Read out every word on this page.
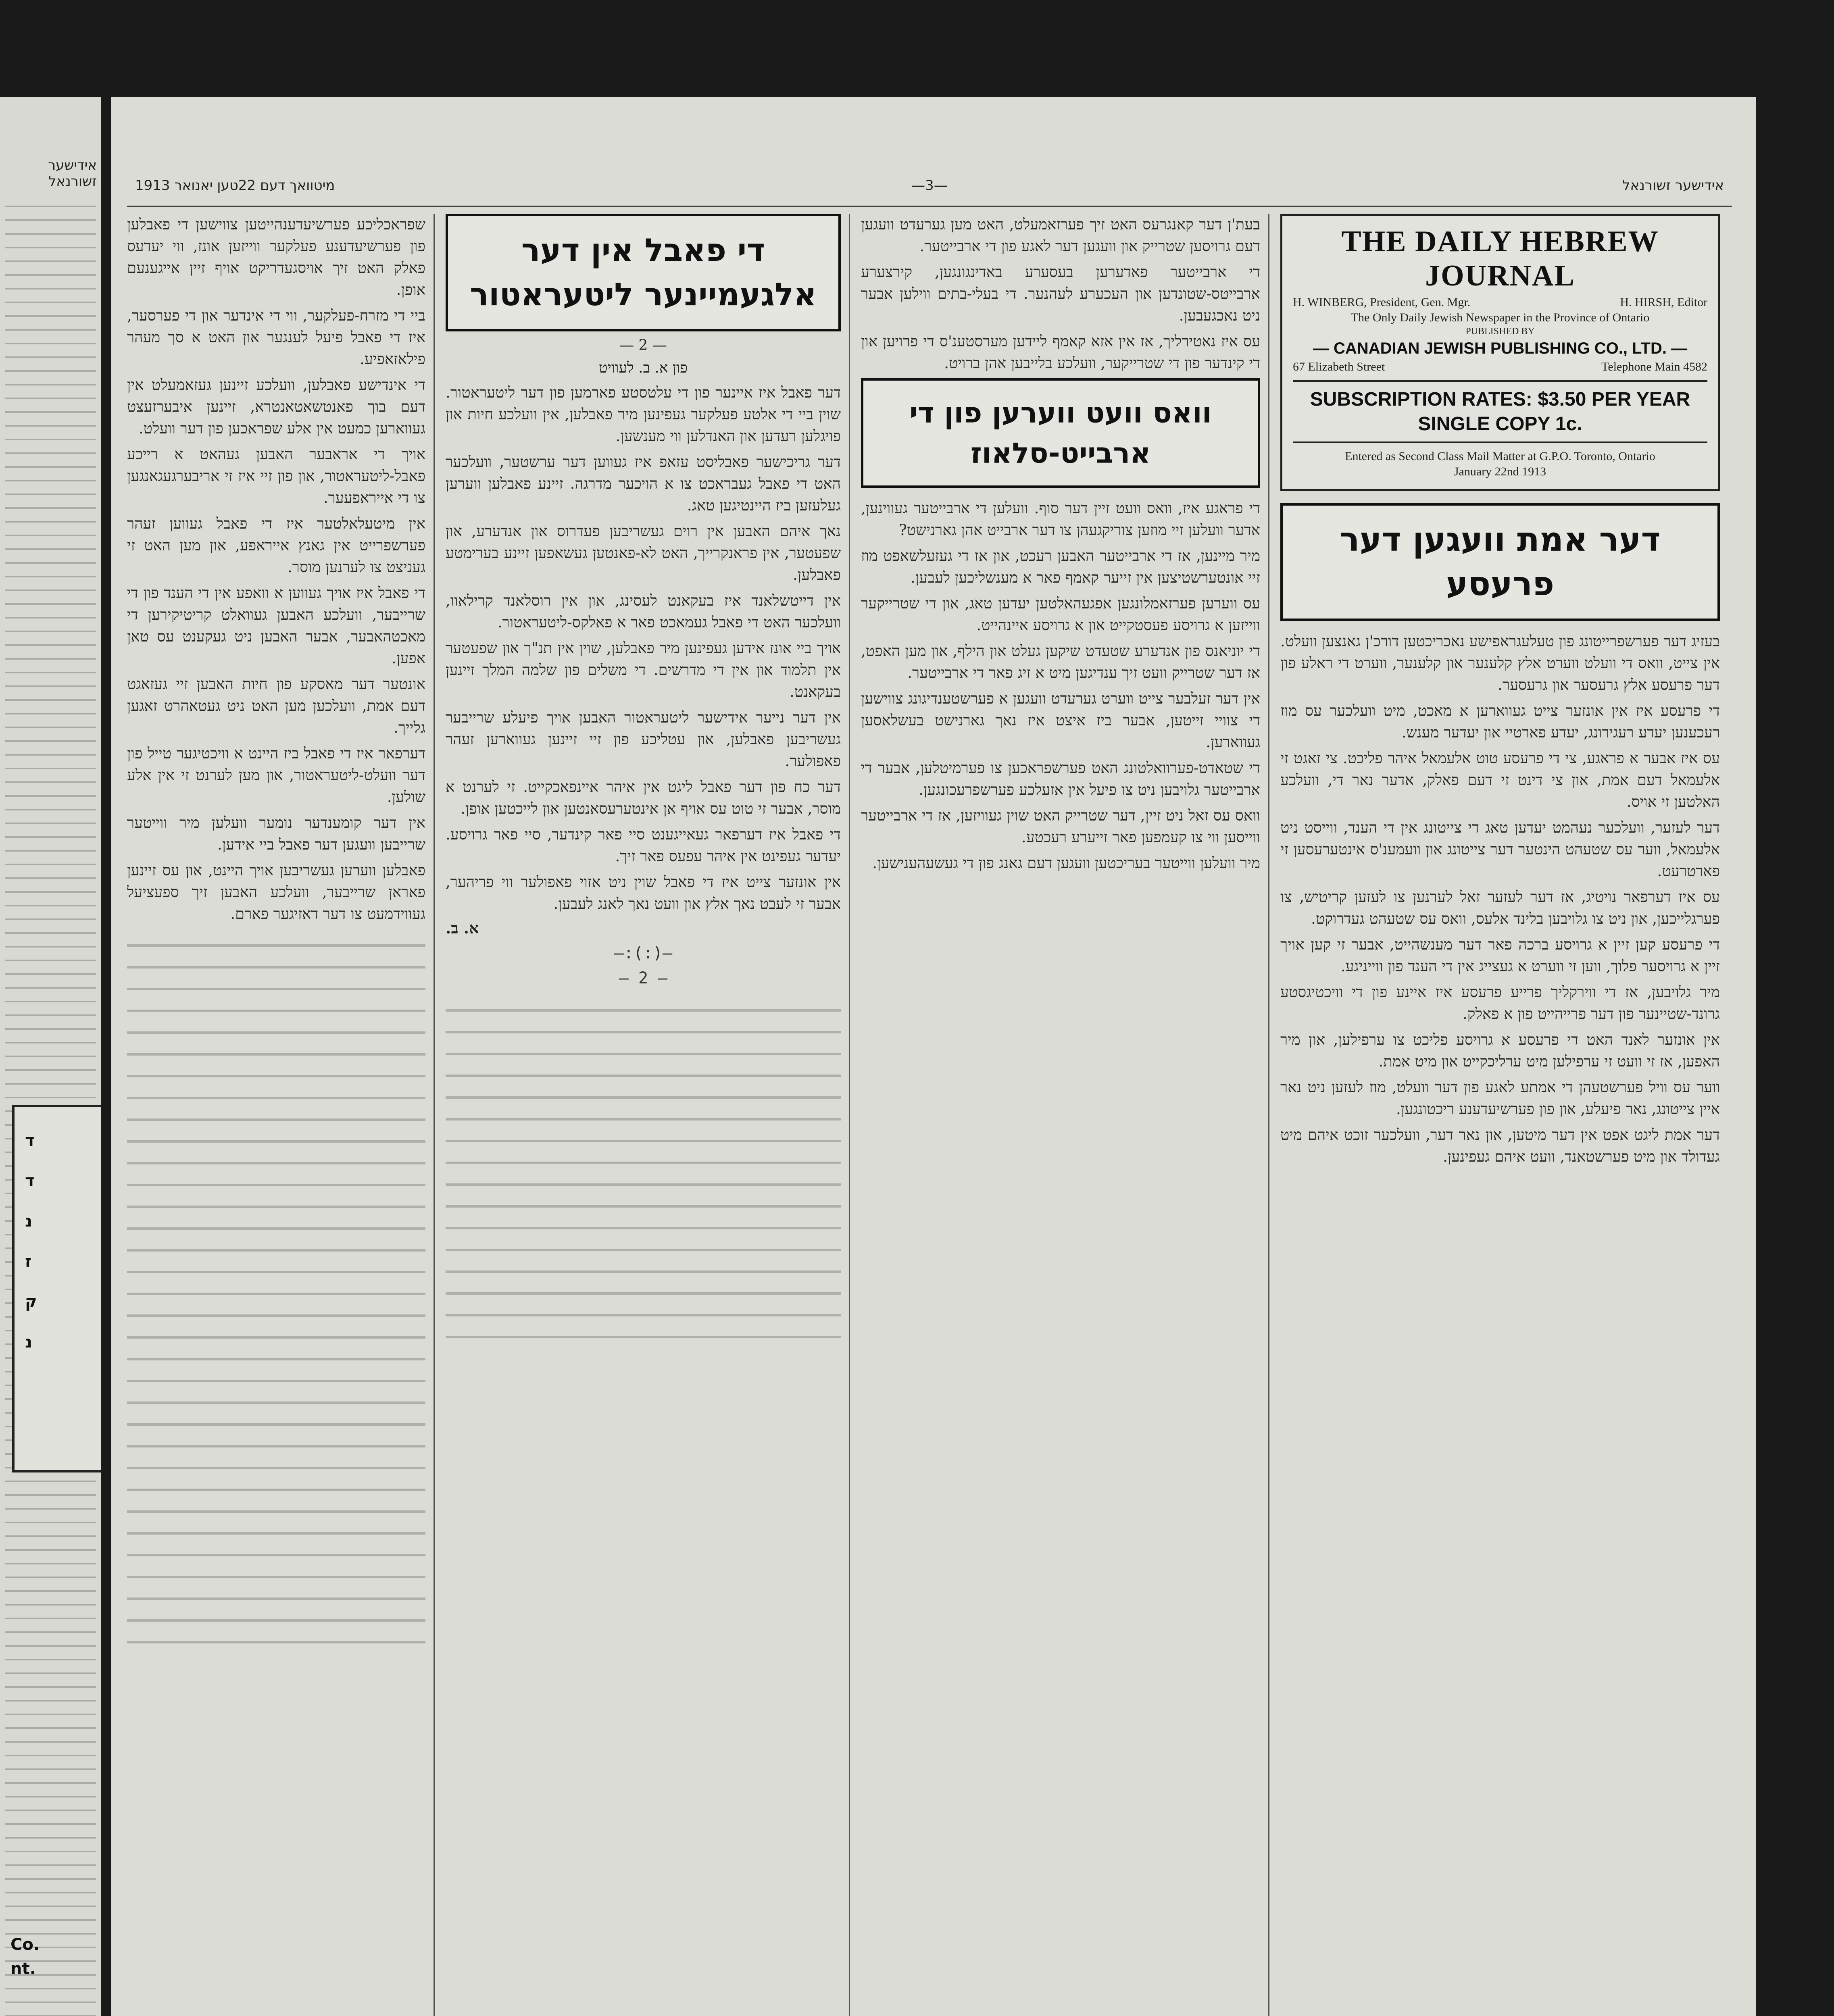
אידישער זשורנאל
ד
ד
נ
ז
ק
נ
Co.
nt.
אידישער זשורנאל
—3—
מיטוואך דעם 22טען יאנואר 1913
THE DAILY HEBREW JOURNAL
H. WINBERG, President, Gen. Mgr.	H. HIRSH, Editor
The Only Daily Jewish Newspaper in the Province of Ontario
PUBLISHED BY
— CANADIAN JEWISH PUBLISHING CO., LTD. —
67 Elizabeth Street	Telephone Main 4582
SUBSCRIPTION RATES: $3.50 PER YEAR
SINGLE COPY 1c.
Entered as Second Class Mail Matter at G.P.O. Toronto, Ontario
January 22nd 1913
דער אמת וועגען דער פרעסע

בעזיג דער פערשפרייטונג פון טעלעגראפישע נאכריכטען דורכ'ן גאנצען וועלט. אין צייט, וואס די וועלט ווערט אלץ קלענער און קלענער, ווערט די ראלע פון דער פרעסע אלץ גרעסער און גרעסער.

די פרעסע איז אין אונזער צייט געווארען א מאכט, מיט וועלכער עס מוז רעכענען יעדע רעגירונג, יעדע פארטיי און יעדער מענש.

עס איז אבער א פראגע, צי די פרעסע טוט אלעמאל איהר פליכט. צי זאגט זי אלעמאל דעם אמת, און צי דינט זי דעם פאלק, אדער נאר די, וועלכע האלטען זי אויס.

דער לעזער, וועלכער נעהמט יעדען טאג די צייטונג אין די הענד, ווייסט ניט אלעמאל, ווער עס שטעהט הינטער דער צייטונג און וועמענ'ס אינטערעסען זי פארטרעט.

עס איז דערפאר נויטיג, אז דער לעזער זאל לערנען צו לעזען קריטיש, צו פערגלייכען, און ניט צו גלויבען בלינד אלעס, וואס עס שטעהט געדרוקט.

די פרעסע קען זיין א גרויסע ברכה פאר דער מענשהייט, אבער זי קען אויך זיין א גרויסער פלוך, ווען זי ווערט א געצייג אין די הענד פון ווייניגע.

מיר גלויבען, אז די ווירקליך פרייע פרעסע איז איינע פון די וויכטיגסטע גרונד-שטיינער פון דער פרייהייט פון א פאלק.

אין אונזער לאנד האט די פרעסע א גרויסע פליכט צו ערפילען, און מיר האפען, אז זי וועט זי ערפילען מיט ערליכקייט און מיט אמת.

ווער עס וויל פערשטעהן די אמתע לאגע פון דער וועלט, מוז לעזען ניט נאר איין צייטונג, נאר פיעלע, און פון פערשיעדענע ריכטונגען.

דער אמת ליגט אפט אין דער מיטען, און נאר דער, וועלכער זוכט איהם מיט געדולד און מיט פערשטאנד, וועט איהם געפינען.

בעת'ן דער קאנגרעס האט זיך פערזאמעלט, האט מען גערעדט וועגען דעם גרויסען שטרייק און וועגען דער לאגע פון די ארבייטער.

די ארבייטער פאדערען בעסערע באדינגונגען, קירצערע ארבייטס-שטונדען און העכערע לעהנער. די בעלי-בתים ווילען אבער ניט נאכגעבען.

עס איז נאטירליך, אז אין אזא קאמף ליידען מערסטענ'ס די פרויען און די קינדער פון די שטרייקער, וועלכע בלייבען אהן ברויט.

וואס וועט ווערען פון די ארבייט-סלאוז

די פראגע איז, וואס וועט זיין דער סוף. וועלען די ארבייטער געווינען, אדער וועלען זיי מוזען צוריקגעהן צו דער ארבייט אהן גארנישט?

מיר מיינען, אז די ארבייטער האבען רעכט, און אז די געזעלשאפט מוז זיי אונטערשטיצען אין זייער קאמף פאר א מענשליכען לעבען.

עס ווערען פערזאמלונגען אפגעהאלטען יעדען טאג, און די שטרייקער ווייזען א גרויסע פעסטקייט און א גרויסע איינהייט.

די יוניאנס פון אנדערע שטעדט שיקען געלט און הילף, און מען האפט, אז דער שטרייק וועט זיך ענדיגען מיט א זיג פאר די ארבייטער.

אין דער זעלבער צייט ווערט גערעדט וועגען א פערשטענדיגונג צווישען די צוויי זייטען, אבער ביז איצט איז נאך גארנישט בעשלאסען געווארען.

די שטאדט-פערוואלטונג האט פערשפראכען צו פערמיטלען, אבער די ארבייטער גלויבען ניט צו פיעל אין אזעלכע פערשפרעכונגען.

וואס עס זאל ניט זיין, דער שטרייק האט שוין געוויזען, אז די ארבייטער ווייסען ווי צו קעמפען פאר זייערע רעכטע.

מיר וועלען ווייטער בעריכטען וועגען דעם גאנג פון די געשעהענישען.

די פאבל אין דער אלגעמיינער ליטעראטור
— 2 —
פון א. ב. לעוויט

דער פאבל איז איינער פון די עלטסטע פארמען פון דער ליטעראטור. שוין ביי די אלטע פעלקער געפינען מיר פאבלען, אין וועלכע חיות און פויגלען רעדען און האנדלען ווי מענשען.

דער גריכישער פאבליסט עזאפ איז געווען דער ערשטער, וועלכער האט די פאבל געבראכט צו א הויכער מדרגה. זיינע פאבלען ווערען געלעזען ביז היינטיגען טאג.

נאך איהם האבען אין רוים געשריבען פעדרוס און אנדערע, און שפעטער, אין פראנקרייך, האט לא-פאנטען געשאפען זיינע בערימטע פאבלען.

אין דייטשלאנד איז בעקאנט לעסינג, און אין רוסלאנד קרילאוו, וועלכער האט די פאבל געמאכט פאר א פאלקס-ליטעראטור.

אויך ביי אונז אידען געפינען מיר פאבלען, שוין אין תנ"ך און שפעטער אין תלמוד און אין די מדרשים. די משלים פון שלמה המלך זיינען בעקאנט.

אין דער נייער אידישער ליטעראטור האבען אויך פיעלע שרייבער געשריבען פאבלען, און עטליכע פון זיי זיינען געווארען זעהר פאפולער.

דער כח פון דער פאבל ליגט אין איהר איינפאכקייט. זי לערנט א מוסר, אבער זי טוט עס אויף אן אינטערעסאנטען און לייכטען אופן.

די פאבל איז דערפאר געאייגענט סיי פאר קינדער, סיי פאר גרויסע. יעדער געפינט אין איהר עפעס פאר זיך.

אין אונזער צייט איז די פאבל שוין ניט אזוי פאפולער ווי פריהער, אבער זי לעבט נאך אלץ און וועט נאך לאנג לעבען.

א. ב.
—:(:)—
— 2 —

שפראכליכע פערשיעדענהייטען צווישען די פאבלען פון פערשיעדענע פעלקער ווייזען אונז, ווי יעדעס פאלק האט זיך אויסגעדריקט אויף זיין אייגענעם אופן.

ביי די מזרח-פעלקער, ווי די אינדער און די פערסער, איז די פאבל פיעל לענגער און האט א סך מעהר פילאזאפיע.

די אינדישע פאבלען, וועלכע זיינען געזאמעלט אין דעם בוך פאנטשאטאנטרא, זיינען איבערזעצט געווארען כמעט אין אלע שפראכען פון דער וועלט.

אויך די אראבער האבען געהאט א רייכע פאבל-ליטעראטור, און פון זיי איז זי אריבערגעגאנגען צו די אייראפעער.

אין מיטעלאלטער איז די פאבל געווען זעהר פערשפרייט אין גאנץ אייראפע, און מען האט זי געניצט צו לערנען מוסר.

די פאבל איז אויך געווען א וואפע אין די הענד פון די שרייבער, וועלכע האבען געוואלט קריטיקירען די מאכטהאבער, אבער האבען ניט געקענט עס טאן אפען.

אונטער דער מאסקע פון חיות האבען זיי געזאגט דעם אמת, וועלכען מען האט ניט געטאהרט זאגען גלייך.

דערפאר איז די פאבל ביז היינט א וויכטיגער טייל פון דער וועלט-ליטעראטור, און מען לערנט זי אין אלע שולען.

אין דער קומענדער נומער וועלען מיר ווייטער שרייבען וועגען דער פאבל ביי אידען.

פאבלען ווערען געשריבען אויך היינט, און עס זיינען פאראן שרייבער, וועלכע האבען זיך ספעציעל געווידמעט צו דער דאזיגער פארם.
